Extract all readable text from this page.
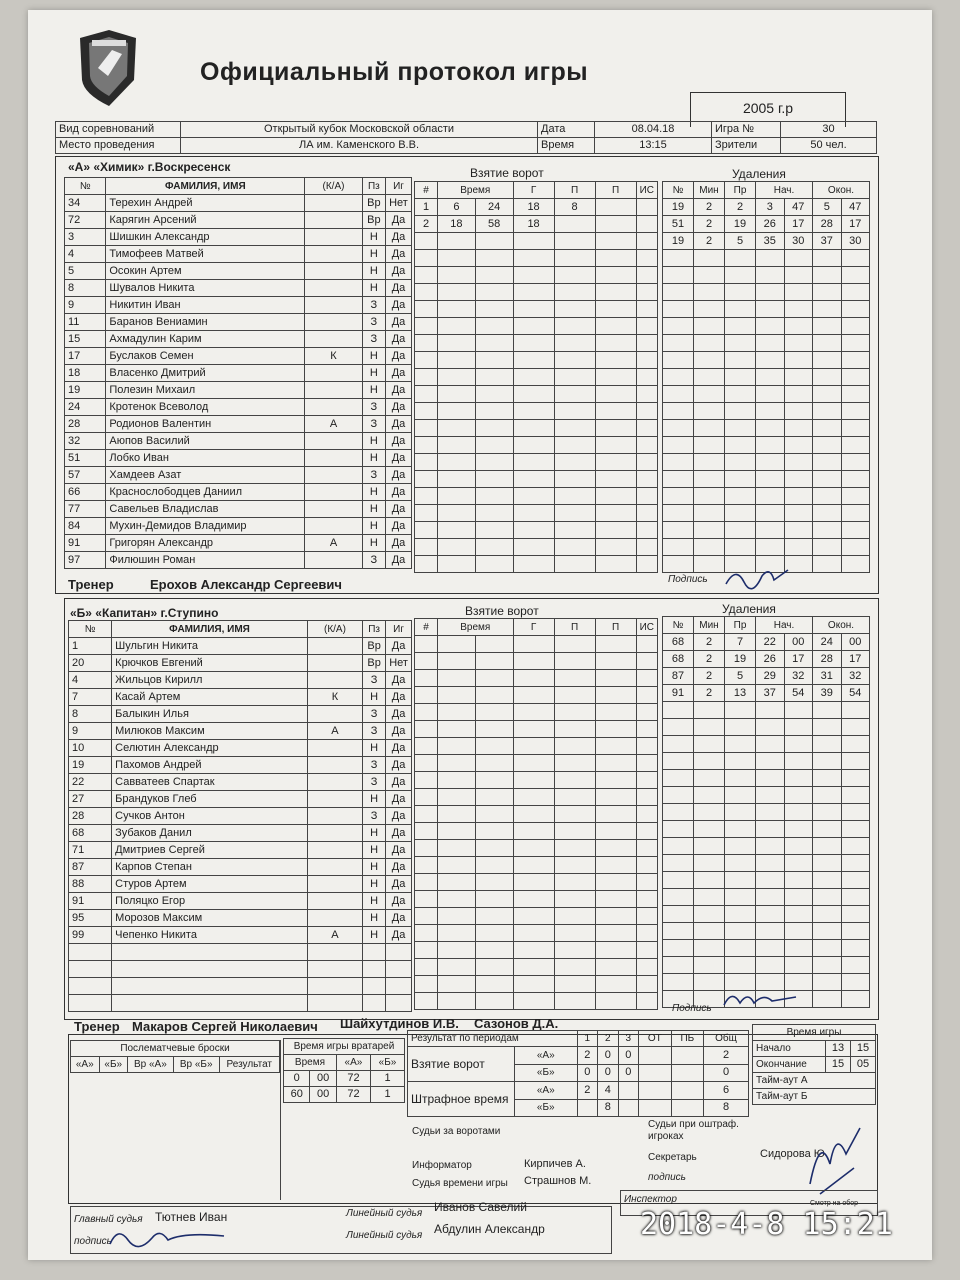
Официальный протокол игры
2005 г.р
Вид соревнований	Открытый кубок Московской области	Дата	08.04.18	Игра №	30
Место проведения	ЛА им. Каменского В.В.	Время	13:15	Зрители	50 чел.
«А» «Химик» г.Воскресенск	Взятие ворот	Удаления
№	ФАМИЛИЯ, ИМЯ	(К/А)	Пз	Иг
34	Терехин Андрей		Вр	Нет
72	Карягин Арсений		Вр	Да
3	Шишкин Александр		Н	Да
4	Тимофеев Матвей		Н	Да
5	Осокин Артем		Н	Да
8	Шувалов Никита		Н	Да
9	Никитин Иван		З	Да
11	Баранов Вениамин		З	Да
15	Ахмадулин Карим		З	Да
17	Буслаков Семен	К	Н	Да
18	Власенко Дмитрий		Н	Да
19	Полезин Михаил		Н	Да
24	Кротенок Всеволод		З	Да
28	Родионов Валентин	А	З	Да
32	Аюпов Василий		Н	Да
51	Лобко Иван		Н	Да
57	Хамдеев Азат		З	Да
66	Краснослободцев Даниил		Н	Да
77	Савельев Владислав		Н	Да
84	Мухин-Демидов Владимир		Н	Да
91	Григорян Александр	А	Н	Да
97	Филюшин Роман		З	Да
#	Время		Г	П	П	ИС
1	6	24	18	8		
2	18	58	18			

№	Мин	Пр	Нач.		Окон.	
19	2	2	3	47	5	47
51	2	19	26	17	28	17
19	2	5	35	30	37	30

Тренер	Ерохов Александр Сергеевич	Подпись
«Б» «Капитан» г.Ступино	Взятие ворот	Удаления
№	ФАМИЛИЯ, ИМЯ	(К/А)	Пз	Иг
1	Шульгин Никита		Вр	Да
20	Крючков Евгений		Вр	Нет
4	Жильцов Кирилл		З	Да
7	Касай Артем	К	Н	Да
8	Балыкин Илья		З	Да
9	Милюков Максим	А	З	Да
10	Селютин Александр		Н	Да
19	Пахомов Андрей		З	Да
22	Савватеев Спартак		З	Да
27	Брандуков Глеб		Н	Да
28	Сучков Антон		З	Да
68	Зубаков Данил		Н	Да
71	Дмитриев Сергей		Н	Да
87	Карпов Степан		Н	Да
88	Стуров Артем		Н	Да
91	Поляцко Егор		Н	Да
95	Морозов Максим		Н	Да
99	Чепенко Никита	А	Н	Да

#	Время		Г	П	П	ИС

						№	Мин	Пр	Нач.		Окон.	
68	2	7	22	00	24	00
68	2	19	26	17	28	17
87	2	5	29	32	31	32
91	2	13	37	54	39	54

Подпись
Тренер Макаров Сергей Николаевич Шайхутдинов И.В. Сазонов Д.А.
Послематчевые броски
«А»	«Б»	Вр «А»	Вр «Б»	Результат
Время игры вратарей			
Время		«А»	«Б»
0	00	72	1
60	00	72	1
Результат по периодам		1	2	3	ОТ	ПБ	Общ
Взятие ворот	«А»	2	0	0			2
	«Б»	0	0	0			0
Штрафное время	«А»	2	4				6
	«Б»		8				8
Время игры		
Начало	13	15
Окончание	15	05
Тайм-аут А		
Тайм-аут Б		
Судьи за воротами
Судьи при оштраф. игроках
Информатор	Кирпичев А.
Секретарь	Сидорова Ю
подпись
Судья времени игры Страшнов М.
Инспектор	Смотр на обор
Главный судья Тютнев Иван
подпись
Линейный судья Иванов Савелий
Линейный судья Абдулин Александр	2018-4-8 15:21
